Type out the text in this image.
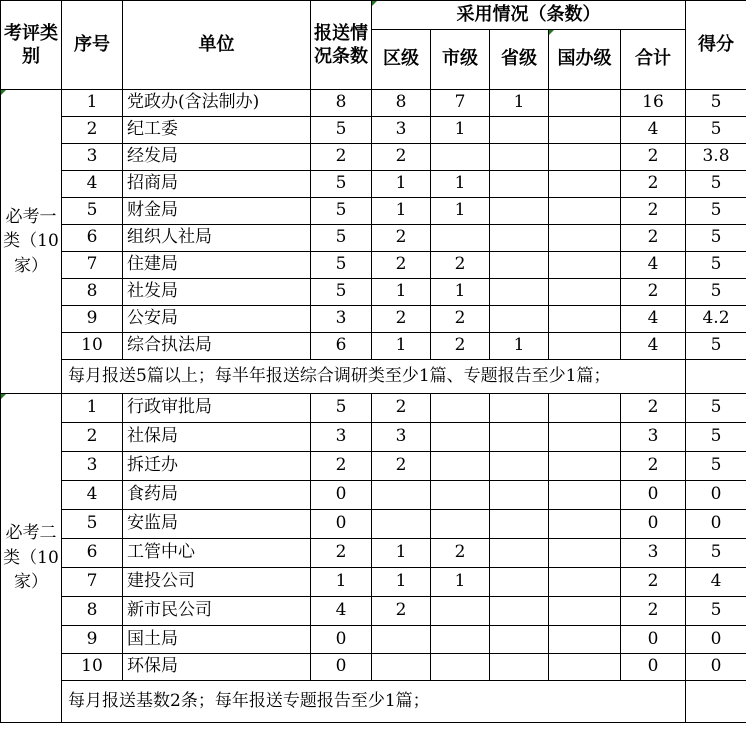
考评类别	序号	单位	报送情况条数	采用情况（条数）					得分
				区级	市级	省级	国办级	合计	
必考一类（10家）	1	党政办(含法制办)	8	8	7	1		16	5
	2	纪工委	5	3	1			4	5
	3	经发局	2	2				2	3.8
	4	招商局	5	1	1			2	5
	5	财金局	5	1	1			2	5
	6	组织人社局	5	2				2	5
	7	住建局	5	2	2			4	5
	8	社发局	5	1	1			2	5
	9	公安局	3	2	2			4	4.2
	10	综合执法局	6	1	2	1		4	5
	每月报送5篇以上；每半年报送综合调研类至少1篇、专题报告至少1篇；								
必考二类（10家）	1	行政审批局	5	2				2	5
	2	社保局	3	3				3	5
	3	拆迁办	2	2				2	5
	4	食药局	0					0	0
	5	安监局	0					0	0
	6	工管中心	2	1	2			3	5
	7	建投公司	1	1	1			2	4
	8	新市民公司	4	2				2	5
	9	国土局	0					0	0
	10	环保局	0					0	0
	每月报送基数2条；每年报送专题报告至少1篇；								
